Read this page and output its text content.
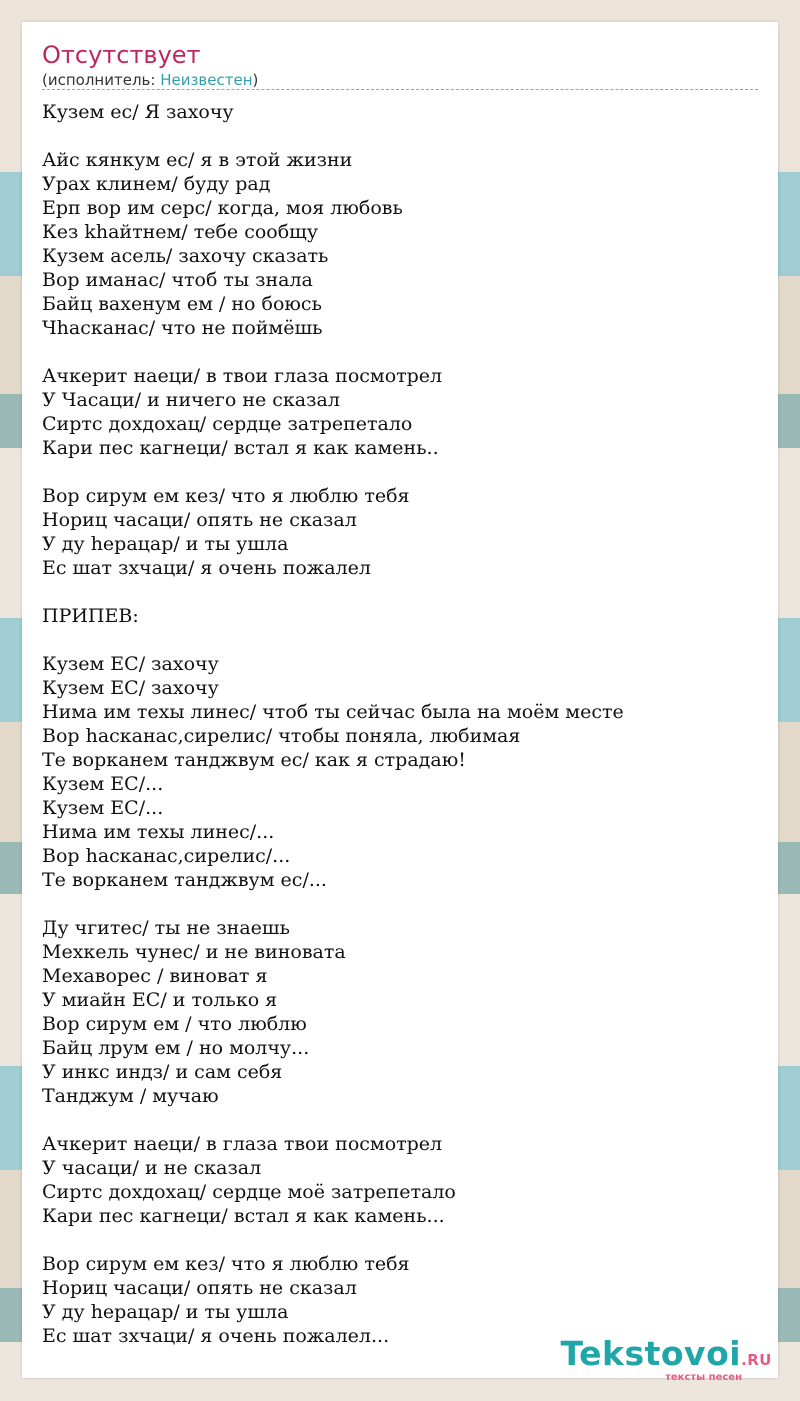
Отсутствует
(исполнитель: Неизвестен)
Кузем ес/ Я захочу
Айс кянкум ес/ я в этой жизни
Урах клинем/ буду рад
Ерп вор им серс/ когда, моя любовь
Кез khайтнем/ тебе сообщу
Кузем асель/ захочу сказать
Вор иманас/ чтоб ты знала
Байц вахенум ем / но боюсь
Чhасканас/ что не поймёшь
Ачкерит наеци/ в твои глаза посмотрел
У Часаци/ и ничего не сказал
Сиртс дохдохац/ сердце затрепетало
Кари пес кагнеци/ встал я как камень..
Вор сирум ем кез/ что я люблю тебя
Нориц часаци/ опять не сказал
У ду hерацар/ и ты ушла
Ес шат зхчаци/ я очень пожалел
ПРИПЕВ:
Кузем ЕС/ захочу
Кузем ЕС/ захочу
Нима им техы линес/ чтоб ты сейчас была на моём месте
Вор hасканас,сирелис/ чтобы поняла, любимая
Те ворканем танджвум ес/ как я страдаю!
Кузем ЕС/...
Кузем ЕС/...
Нима им техы линес/...
Вор hасканас,сирелис/...
Те ворканем танджвум ес/...
Ду чгитес/ ты не знаешь
Мехкель чунес/ и не виновата
Мехаворес / виноват я
У миайн ЕС/ и только я
Вор сирум ем / что люблю
Байц лрум ем / но молчу...
У инкс индз/ и сам себя
Танджум / мучаю
Ачкерит наеци/ в глаза твои посмотрел
У часаци/ и не сказал
Сиртс дохдохац/ сердце моё затрепетало
Кари пес кагнеци/ встал я как камень...
Вор сирум ем кез/ что я люблю тебя
Нориц часаци/ опять не сказал
У ду hерацар/ и ты ушла
Ес шат зхчаци/ я очень пожалел...	Tekstovoi.RU
тексты песен
